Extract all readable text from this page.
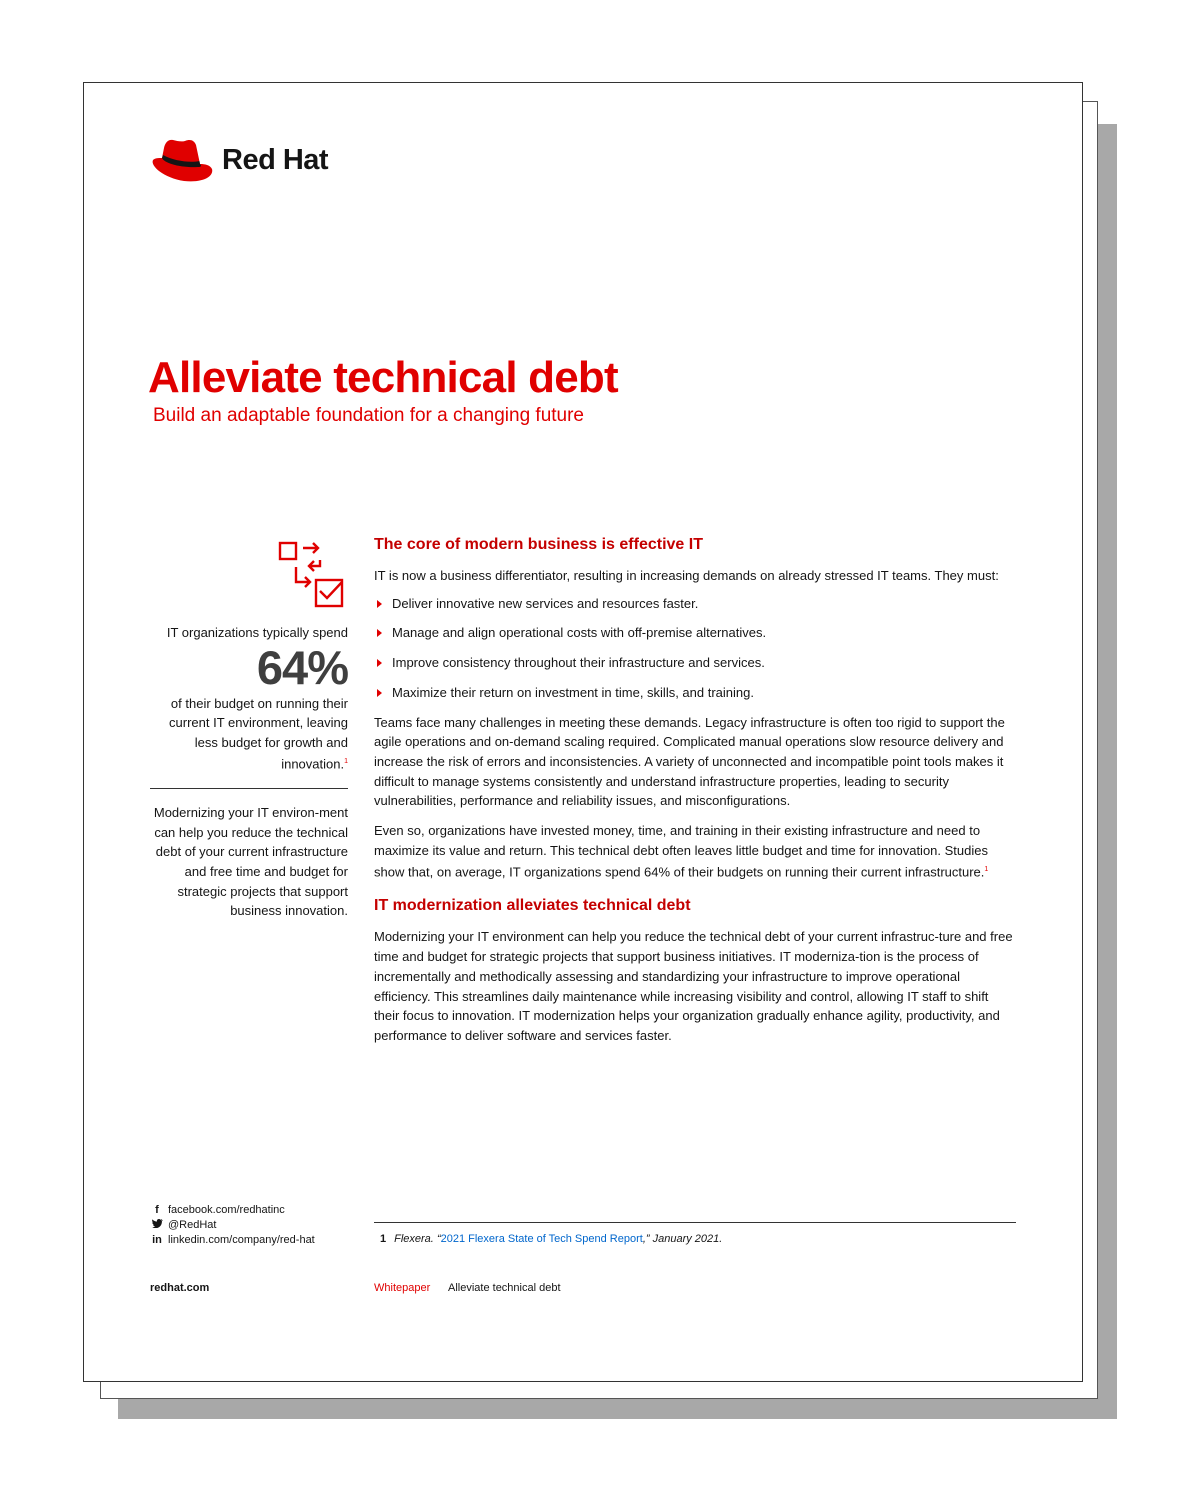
Red Hat
Alleviate technical debt

Build an adaptable foundation for a changing future

IT organizations typically spend
64%
of their budget on running their current IT environment, leaving less budget for growth and innovation.$^1$
Modernizing your IT environ-ment can help you reduce the technical debt of your current infrastructure and free time and budget for strategic projects that support business innovation.
The core of modern business is effective IT

IT is now a business differentiator, resulting in increasing demands on already stressed IT teams. They must:

Deliver innovative new services and resources faster.
Manage and align operational costs with off-premise alternatives.
Improve consistency throughout their infrastructure and services.
Maximize their return on investment in time, skills, and training.

Teams face many challenges in meeting these demands. Legacy infrastructure is often too rigid to support the agile operations and on-demand scaling required. Complicated manual operations slow resource delivery and increase the risk of errors and inconsistencies. A variety of unconnected and incompatible point tools makes it difficult to manage systems consistently and understand infrastructure properties, leading to security vulnerabilities, performance and reliability issues, and misconfigurations.

Even so, organizations have invested money, time, and training in their existing infrastructure and need to maximize its value and return. This technical debt often leaves little budget and time for innovation. Studies show that, on average, IT organizations spend 64% of their budgets on running their current infrastructure.$^1$

IT modernization alleviates technical debt

Modernizing your IT environment can help you reduce the technical debt of your current infrastruc-ture and free time and budget for strategic projects that support business initiatives. IT moderniza-tion is the process of incrementally and methodically assessing and standardizing your infrastructure to improve operational efficiency. This streamlines daily maintenance while increasing visibility and control, allowing IT staff to shift their focus to innovation. IT modernization helps your organization gradually enhance agility, productivity, and performance to deliver software and services faster.

f facebook.com/redhatinc
@RedHat
in linkedin.com/company/red-hat	1 Flexera. “2021 Flexera State of Tech Spend Report,” January 2021.
redhat.com	Whitepaper Alleviate technical debt
